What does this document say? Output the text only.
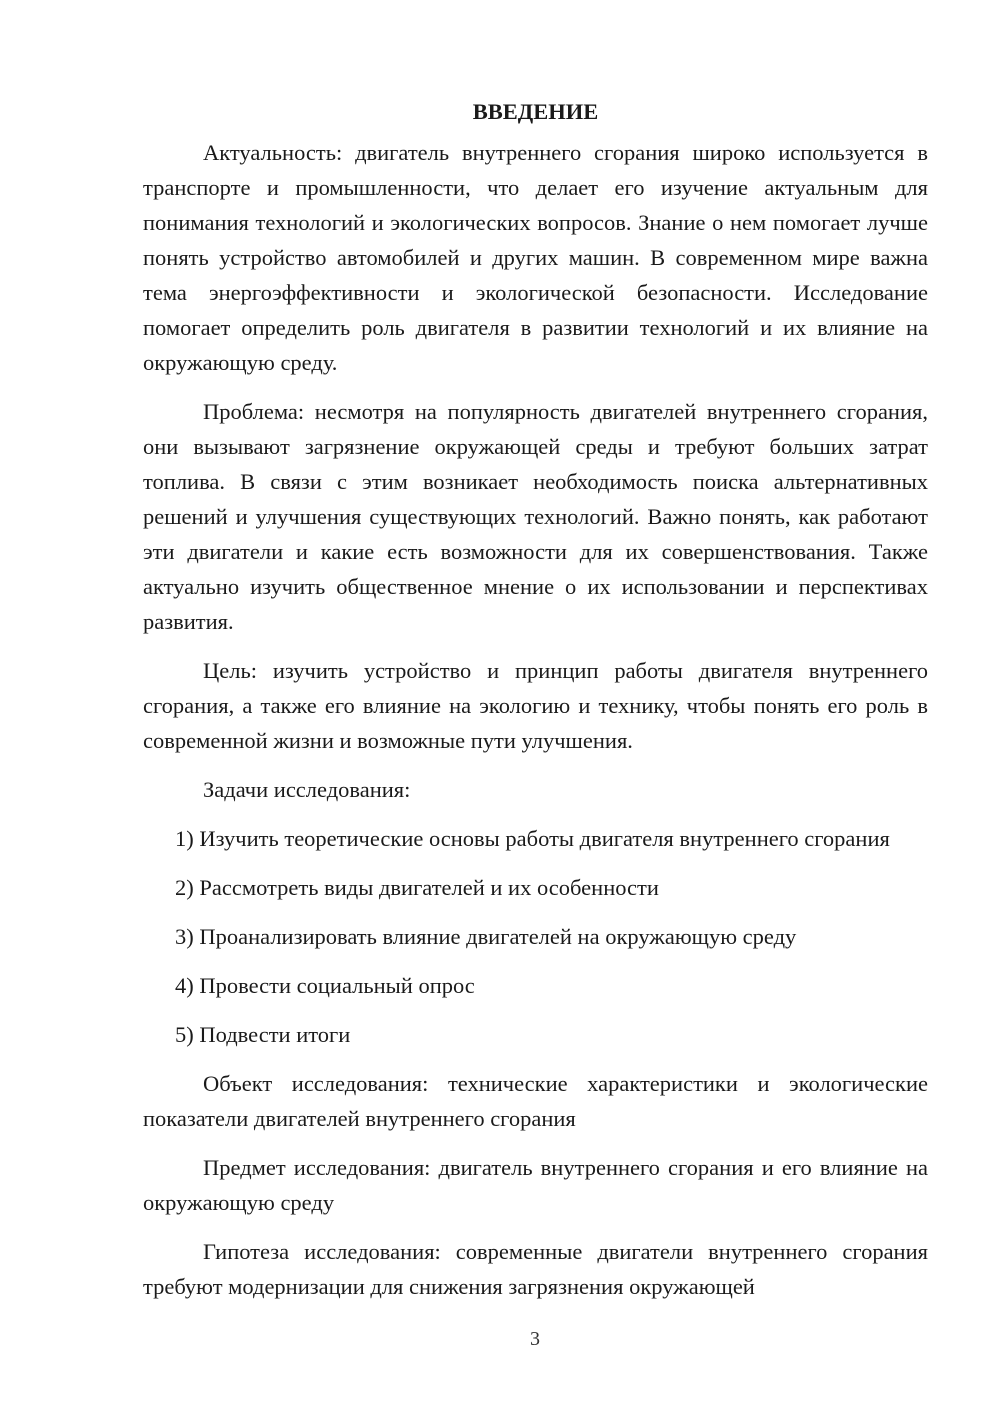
ВВЕДЕНИЕ

Актуальность: двигатель внутреннего сгорания широко используется в транспорте и промышленности, что делает его изучение актуальным для понимания технологий и экологических вопросов. Знание о нем помогает лучше понять устройство автомобилей и других машин. В современном мире важна тема энергоэффективности и экологической безопасности. Исследование помогает определить роль двигателя в развитии технологий и их влияние на окружающую среду.

Проблема: несмотря на популярность двигателей внутреннего сгорания, они вызывают загрязнение окружающей среды и требуют больших затрат топлива. В связи с этим возникает необходимость поиска альтернативных решений и улучшения существующих технологий. Важно понять, как работают эти двигатели и какие есть возможности для их совершенствования. Также актуально изучить общественное мнение о их использовании и перспективах развития.

Цель: изучить устройство и принцип работы двигателя внутреннего сгорания, а также его влияние на экологию и технику, чтобы понять его роль в современной жизни и возможные пути улучшения.

Задачи исследования:

1) Изучить теоретические основы работы двигателя внутреннего сгорания

2) Рассмотреть виды двигателей и их особенности

3) Проанализировать влияние двигателей на окружающую среду

4) Провести социальный опрос

5) Подвести итоги

Объект исследования: технические характеристики и экологические показатели двигателей внутреннего сгорания

Предмет исследования: двигатель внутреннего сгорания и его влияние на окружающую среду

Гипотеза исследования: современные двигатели внутреннего сгорания требуют модернизации для снижения загрязнения окружающей

3
